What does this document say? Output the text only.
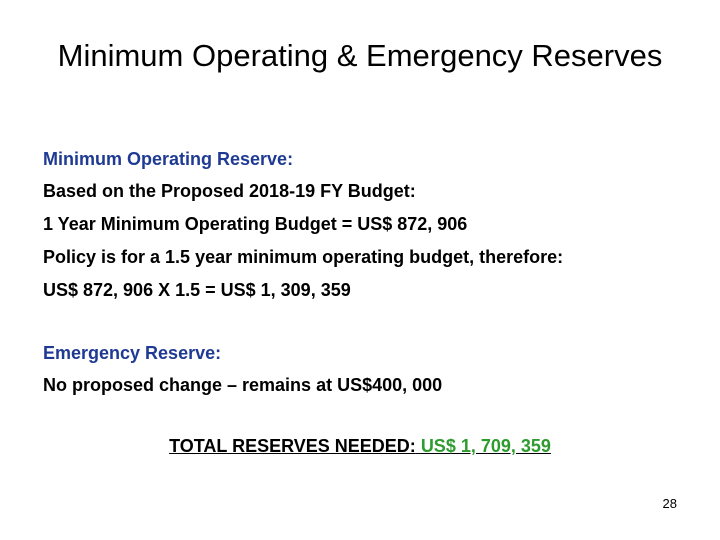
Minimum Operating & Emergency Reserves
Minimum Operating Reserve:
Based on the Proposed 2018-19 FY Budget:
1 Year Minimum Operating Budget = US$ 872, 906
Policy is for a 1.5 year minimum operating budget, therefore:
US$ 872, 906 X 1.5 = US$ 1, 309, 359
Emergency Reserve:
No proposed change – remains at US$400, 000
TOTAL RESERVES NEEDED: US$ 1, 709, 359
28
